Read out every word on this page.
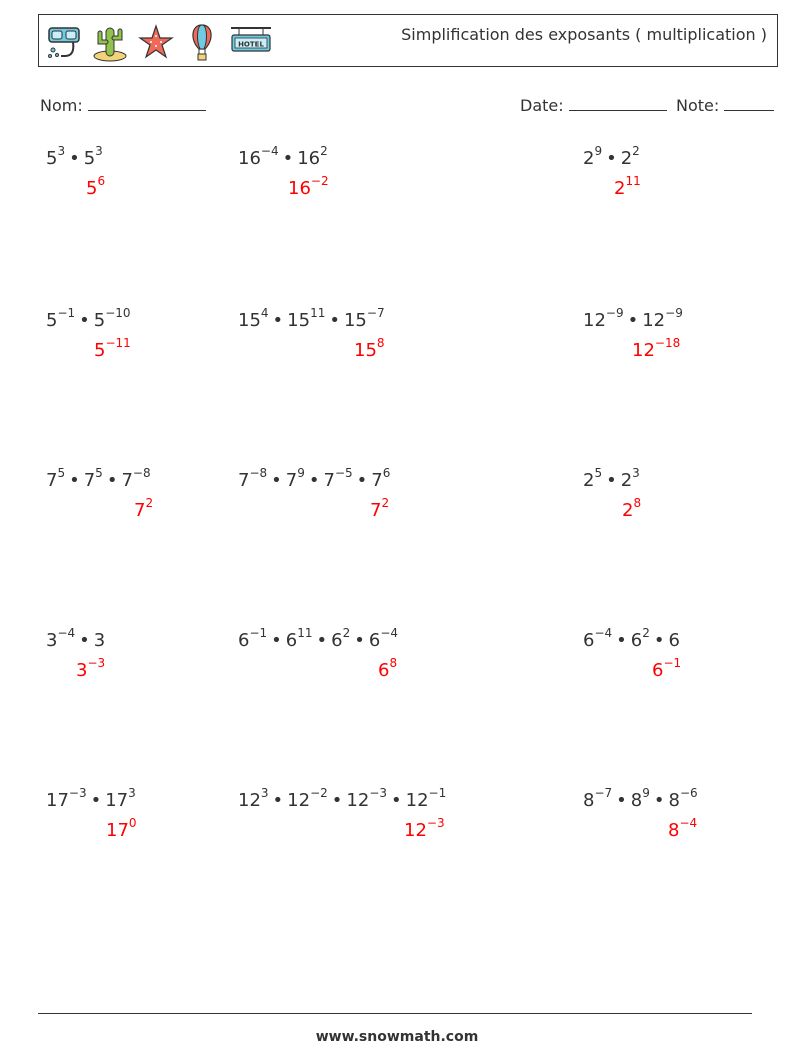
HOTEL
Simplification des exposants ( multiplication )
Nom:	Date:	Note:
$5^3$ • $5^3$
$5^6$
$16^{-4}$ • $16^2$
$16^{-2}$
$2^9$ • $2^2$
$2^{11}$
$5^{-1}$ • $5^{-10}$
$5^{-11}$
$15^4$ • $15^{11}$ • $15^{-7}$
$15^8$
$12^{-9}$ • $12^{-9}$
$12^{-18}$
$7^5$ • $7^5$ • $7^{-8}$
$7^2$
$7^{-8}$ • $7^9$ • $7^{-5}$ • $7^6$
$7^2$
$2^5$ • $2^3$
$2^8$
$3^{-4}$ • 3
$3^{-3}$
$6^{-1}$ • $6^{11}$ • $6^2$ • $6^{-4}$
$6^8$
$6^{-4}$ • $6^2$ • 6
$6^{-1}$
$17^{-3}$ • $17^3$
$17^0$
$12^3$ • $12^{-2}$ • $12^{-3}$ • $12^{-1}$
$12^{-3}$
$8^{-7}$ • $8^9$ • $8^{-6}$
$8^{-4}$
www.snowmath.com
